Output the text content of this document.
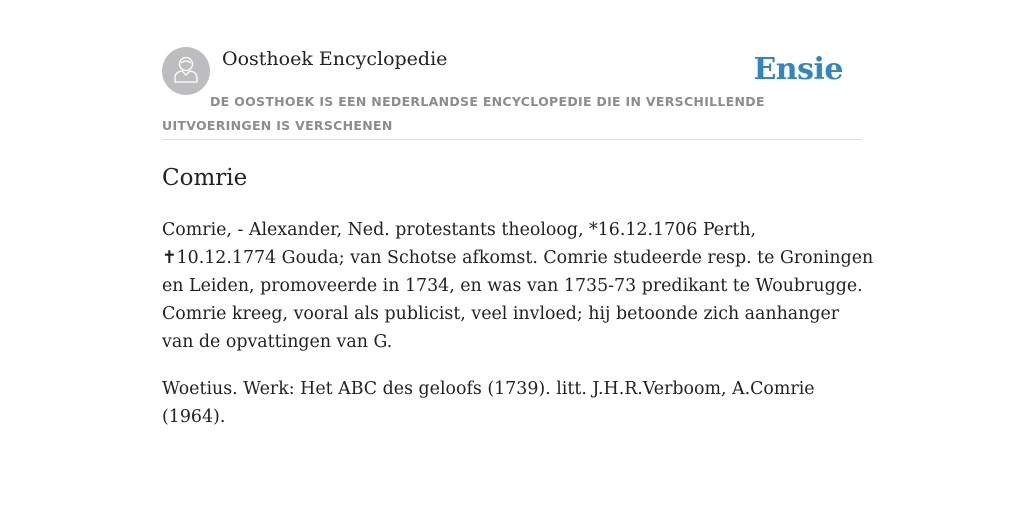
Oosthoek Encyclopedie	Ensie
DE OOSTHOEK IS EEN NEDERLANDSE ENCYCLOPEDIE DIE IN VERSCHILLENDE UITVOERINGEN IS VERSCHENEN
Comrie

Comrie, - Alexander, Ned. protestants theoloog, *16.12.1706 Perth, ✝10.12.1774 Gouda; van Schotse afkomst. Comrie studeerde resp. te Groningen en Leiden, promoveerde in 1734, en was van 1735-73 predikant te Woubrugge. Comrie kreeg, vooral als publicist, veel invloed; hij betoonde zich aanhanger van de opvattingen van G.

Woetius. Werk: Het ABC des geloofs (1739). litt. J.H.R.Verboom, A.Comrie (1964).
